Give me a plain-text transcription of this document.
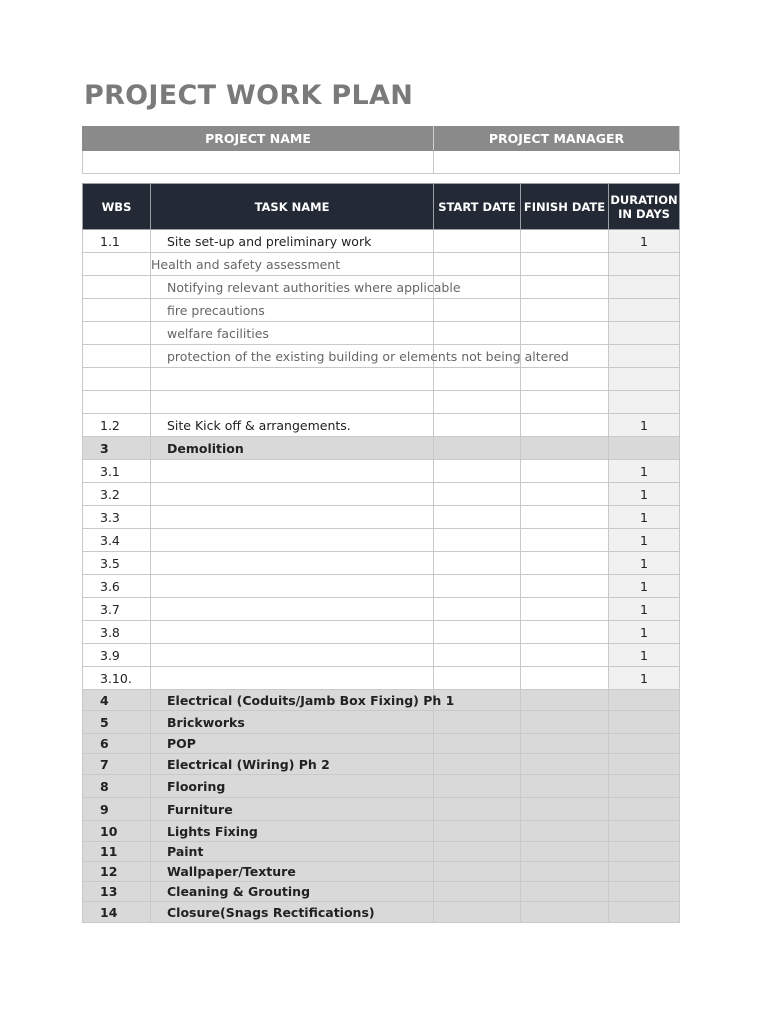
PROJECT WORK PLAN
PROJECT NAME	PROJECT MANAGER

WBS	TASK NAME	START DATE	FINISH DATE	DURATION IN DAYS
1.1	Site set-up and preliminary work			1
	Health and safety assessment			
	Notifying relevant authorities where applicable			
	fire precautions			
	welfare facilities			
	protection of the existing building or elements not being altered			

1.2	Site Kick off & arrangements.			1
3	Demolition			
3.1				1
3.2				1
3.3				1
3.4				1
3.5				1
3.6				1
3.7				1
3.8				1
3.9				1
3.10.				1
4	Electrical (Coduits/Jamb Box Fixing) Ph 1			
5	Brickworks			
6	POP			
7	Electrical (Wiring) Ph 2			
8	Flooring			
9	Furniture			
10	Lights Fixing			
11	Paint			
12	Wallpaper/Texture			
13	Cleaning & Grouting			
14	Closure(Snags Rectifications)			
